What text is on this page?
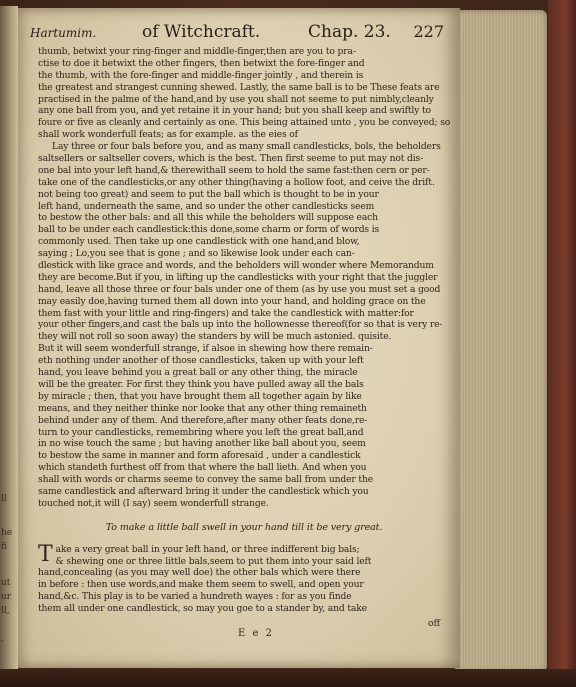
ll
he
fi
ut
ur
ll,
.
Hartumim.	of Witchcraft.	Chap. 23. 227
thumb, betwixt your ring-finger and middle-finger,then are you to pra-
ctise to doe it betwixt the other fingers, then betwixt the fore-finger and
the thumb, with the fore-finger and middle-finger jointly , and therein is
the greatest and strangest cunning shewed. Lastly, the same ball is to be These feats are
practised in the palme of the hand,and by use you shall not seeme to put nimbly,cleanly
any one ball from you, and yet retaine it in your hand; but you shall keep and swiftly to
foure or five as cleanly and certainly as one. This being attained unto , you be conveyed; so
shall work wonderfull feats; as for example. as the eies of
Lay three or four bals before you, and as many small candlesticks, bols, the beholders
saltsellers or saltseller covers, which is the best. Then first seeme to put may not dis-
one bal into your left hand,& therewithall seem to hold the same fast:then cern or per-
take one of the candlesticks,or any other thing(having a hollow foot, and ceive the drift.
not being too great) and seem to put the ball which is thought to be in your
left hand, underneath the same, and so under the other candlesticks seem
to bestow the other bals: and all this while the beholders will suppose each
ball to be under each candlestick:this done,some charm or form of words is
commonly used. Then take up one candlestick with one hand,and blow,
saying ; Lo,you see that is gone ; and so likewise look under each can-
dlestick with like grace and words, and the beholders will wonder where Memorandum
they are become.But if you, in lifting up the candlesticks with your right that the juggler
hand, leave all those three or four bals under one of them (as by use you must set a good
may easily doe,having turned them all down into your hand, and holding grace on the
them fast with your little and ring-fingers) and take the candlestick with matter:for
your other fingers,and cast the bals up into the hollownesse thereof(for so that is very re-
they will not roll so soon away) the standers by will be much astonied. quisite.
But it will seem wonderfull strange, if alsoe in shewing how there remain-
eth nothing under another of those candlesticks, taken up with your left
hand, you leave behind you a great ball or any other thing, the miracle
will be the greater. For first they think you have pulled away all the bals
by miracle ; then, that you have brought them all together again by like
means, and they neither thinke nor looke that any other thing remaineth
behind under any of them. And therefore,after many other feats done,re-
turn to your candlesticks, remembring where you left the great ball,and
in no wise touch the same ; but having another like ball about you, seem
to bestow the same in manner and form aforesaid , under a candlestick
which standeth furthest off from that where the ball lieth. And when you
shall with words or charms seeme to convey the same ball from under the
same candlestick and afterward bring it under the candlestick which you
touched not,it will (I say) seem wonderfull strange.
To make a little ball swell in your hand till it be very great.
T ake a very great ball in your left hand, or three indifferent big bals;
& shewing one or three little bals,seem to put them into your said left
hand,concealing (as you may well doe) the other bals which were there
in before : then use words,and make them seem to swell, and open your
hand,&c. This play is to be varied a hundreth wayes : for as you finde
them all under one candlestick, so may you goe to a stander by, and take
E e 2
off
